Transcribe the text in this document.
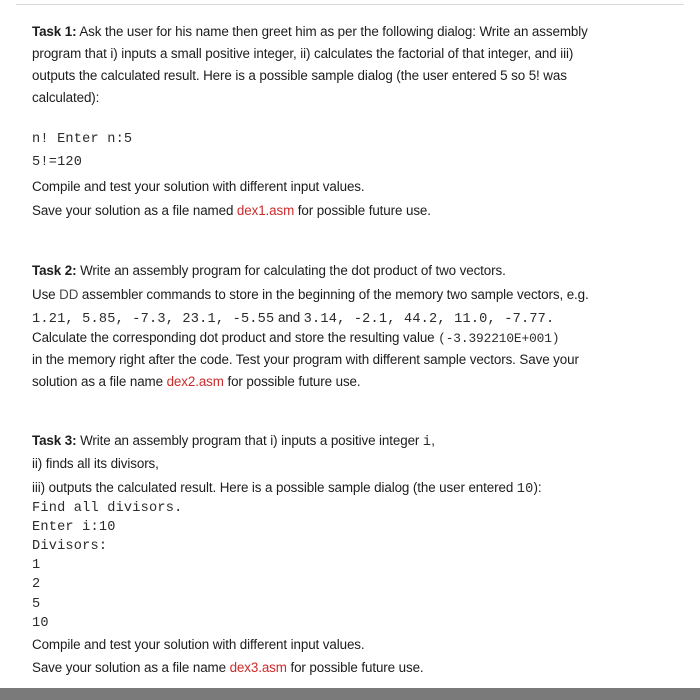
Task 1: Ask the user for his name then greet him as per the following dialog: Write an assembly
program that i) inputs a small positive integer, ii) calculates the factorial of that integer, and iii)
outputs the calculated result. Here is a possible sample dialog (the user entered 5 so 5! was
calculated):
n! Enter n:5
5!=120
Compile and test your solution with different input values.
Save your solution as a file named dex1.asm for possible future use.
Task 2: Write an assembly program for calculating the dot product of two vectors.
Use DD assembler commands to store in the beginning of the memory two sample vectors, e.g.
1.21, 5.85, -7.3, 23.1, -5.55 and 3.14, -2.1, 44.2, 11.0, -7.77.
Calculate the corresponding dot product and store the resulting value (-3.392210E+001)
in the memory right after the code. Test your program with different sample vectors. Save your
solution as a file name dex2.asm for possible future use.
Task 3: Write an assembly program that i) inputs a positive integer i,
ii) finds all its divisors,
iii) outputs the calculated result. Here is a possible sample dialog (the user entered 10):
Find all divisors.
Enter i:10
Divisors:
1
2
5
10
Compile and test your solution with different input values.
Save your solution as a file name dex3.asm for possible future use.
